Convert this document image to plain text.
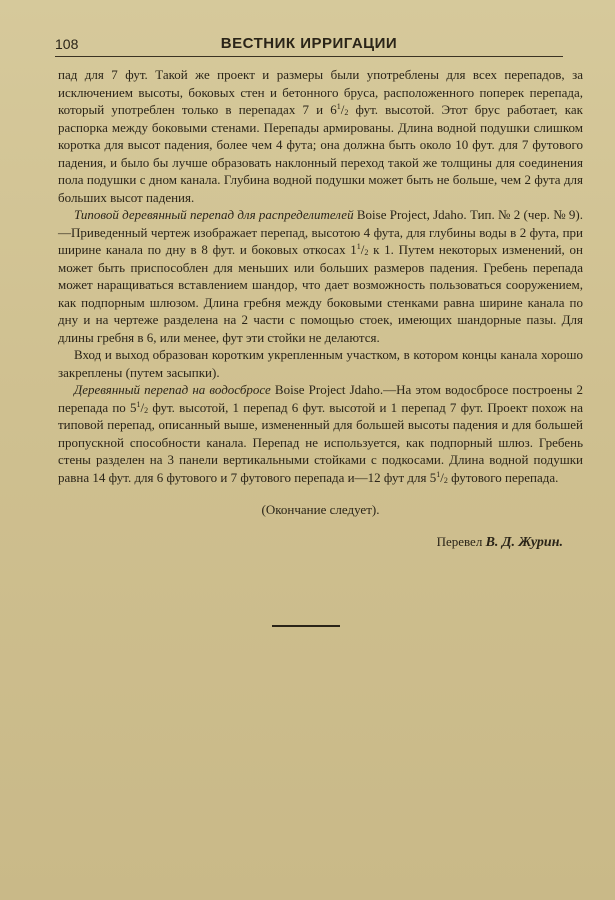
108	ВЕСТНИК ИРРИГАЦИИ

пад для 7 фут. Такой же проект и размеры были употреблены для всех перепадов, за исключением высоты, боковых стен и бетонного бруса, расположенного поперек перепада, который употреблен только в перепадах 7 и $6^1/_2$ фут. высотой. Этот брус работает, как распорка между боковыми стенами. Перепады армированы. Длина водной подушки слишком коротка для высот падения, более чем 4 фута; она должна быть около 10 фут. для 7 футового падения, и было бы лучше образовать наклонный переход такой же толщины для соединения пола подушки с дном канала. Глубина водной подушки может быть не больше, чем 2 фута для больших высот падения.

Типовой деревянный перепад для распределителей Boise Project, Jdaho. Тип. № 2 (чер. № 9).—Приведенный чертеж изображает перепад, высотою 4 фута, для глубины воды в 2 фута, при ширине канала по дну в 8 фут. и боковых откосах $1^1/_2$ к 1. Путем некоторых изменений, он может быть приспособлен для меньших или больших размеров падения. Гребень перепада может наращиваться вставлением шандор, что дает возможность пользоваться сооружением, как подпорным шлюзом. Длина гребня между боковыми стенками равна ширине канала по дну и на чертеже разделена на 2 части с помощью стоек, имеющих шандорные пазы. Для длины гребня в 6, или менее, фут эти стойки не делаются.

Вход и выход образован коротким укрепленным участком, в котором концы канала хорошо закреплены (путем засыпки).

Деревянный перепад на водосбросе Boise Project Jdaho.—На этом водосбросе построены 2 перепада по $5^1/_2$ фут. высотой, 1 перепад 6 фут. высотой и 1 перепад 7 фут. Проект похож на типовой перепад, описанный выше, измененный для большей высоты падения и для большей пропускной способности канала. Перепад не используется, как подпорный шлюз. Гребень стены разделен на 3 панели вертикальными стойками с подкосами. Длина водной подушки равна 14 фут. для 6 футового и 7 футового перепада и—12 фут для $5^1/_2$ футового перепада.

(Окончание следует).

Перевел В. Д. Журин.
